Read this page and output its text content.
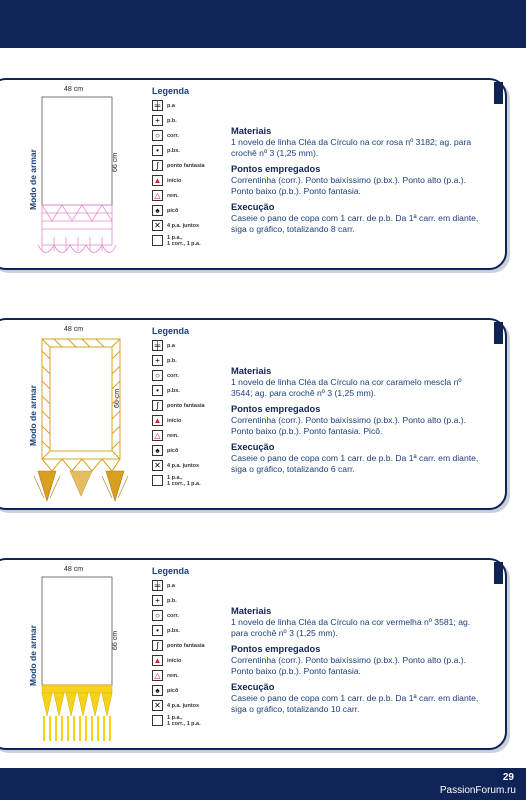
Modo de armar
48 cm
66 cm
Legenda
╪	p.a
+	p.b.
○	corr.
•	p.bx.
∫	ponto fantasia
▲ início
△	rem.
♠	picô
✕	4 p.a. juntos
1 p.a.,
1 corr., 1 p.a.
Materiais
1 novelo de linha Cléa da Círculo na cor rosa nº 3182; ag. para crochê nº 3 (1,25 mm).
Pontos empregados
Correntinha (corr.). Ponto baixíssimo (p.bx.). Ponto alto (p.a.). Ponto baixo (p.b.). Ponto fantasia.
Execução
Caseie o pano de copa com 1 carr. de p.b. Da 1ª carr. em diante, siga o gráfico, totalizando 8 carr.
Modo de armar
48 cm
66 cm
Legenda
╪	p.a
+	p.b.
○	corr.
•	p.bx.
∫	ponto fantasia
▲ início
△	rem.
♠	picô
✕	4 p.a. juntos
1 p.a.,
1 corr., 1 p.a.
Materiais
1 novelo de linha Cléa da Círculo na cor caramelo mescla nº 3544; ag. para crochê nº 3 (1,25 mm).
Pontos empregados
Correntinha (corr.). Ponto baixíssimo (p.bx.). Ponto alto (p.a.). Ponto baixo (p.b.). Ponto fantasia. Picô.
Execução
Caseie o pano de copa com 1 carr. de p.b. Da 1ª carr. em diante, siga o gráfico, totalizando 6 carr.
Modo de armar
48 cm
66 cm
Legenda
╪	p.a
+	p.b.
○	corr.
•	p.bx.
∫	ponto fantasia
▲ início
△	rem.
♠	picô
✕	4 p.a. juntos
1 p.a.,
1 corr., 1 p.a.
Materiais
1 novelo de linha Cléa da Círculo na cor vermelha nº 3581; ag. para crochê nº 3 (1,25 mm).
Pontos empregados
Correntinha (corr.). Ponto baixíssimo (p.bx.). Ponto alto (p.a.). Ponto baixo (p.b.). Ponto fantasia.
Execução
Caseie o pano de copa com 1 carr. de p.b. Da 1ª carr. em diante, siga o gráfico, totalizando 10 carr.
29
PassionForum.ru
